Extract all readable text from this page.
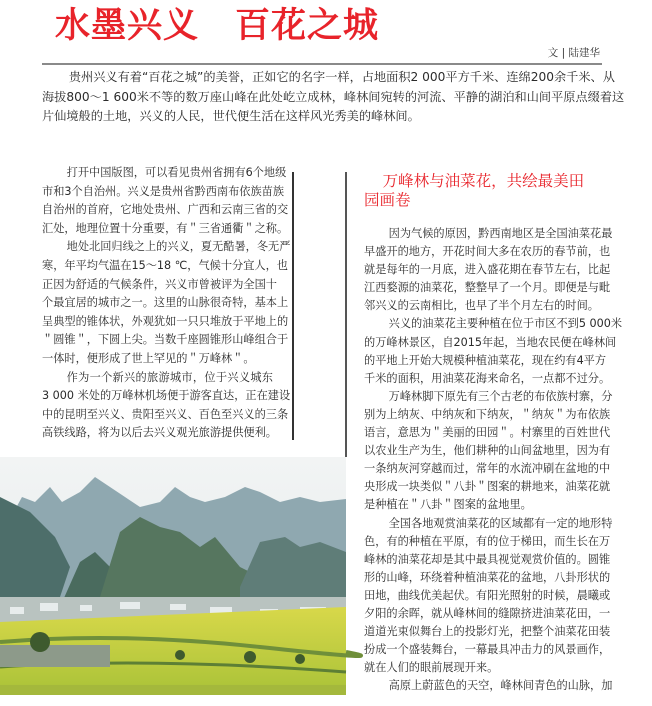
水墨兴义　百花之城
文 | 陆建华
贵州兴义有着“百花之城”的美誉，正如它的名字一样，占地面积2 000平方千米、连绵200余千米、从
海拔800～1 600米不等的数万座山峰在此处屹立成林，峰林间宛转的河流、平静的湖泊和山间平原点缀着这
片仙境般的土地，兴义的人民，世代便生活在这样风光秀美的峰林间。
打开中国版图，可以看见贵州省拥有6个地级
市和3个自治州。兴义是贵州省黔西南布依族苗族
自治州的首府，它地处贵州、广西和云南三省的交
汇处，地理位置十分重要，有＂三省通衢＂之称。
地处北回归线之上的兴义，夏无酷暑，冬无严
寒，年平均气温在15～18 ℃，气候十分宜人，也
正因为舒适的气候条件，兴义市曾被评为全国十
个最宜居的城市之一。这里的山脉很奇特，基本上
呈典型的锥体状，外观犹如一只只堆放于平地上的
＂圆锥＂，下圆上尖。当数千座圆锥形山峰组合于
一体时，便形成了世上罕见的＂万峰林＂。
作为一个新兴的旅游城市，位于兴义城东
3 000 米处的万峰林机场便于游客直达，正在建设
中的昆明至兴义、贵阳至兴义、百色至兴义的三条
高铁线路，将为以后去兴义观光旅游提供便利。
万峰林与油菜花，共绘最美田园画卷
因为气候的原因，黔西南地区是全国油菜花最
早盛开的地方，开花时间大多在农历的春节前，也
就是每年的一月底，进入盛花期在春节左右，比起
江西婺源的油菜花，整整早了一个月。即便是与毗
邻兴义的云南相比，也早了半个月左右的时间。
兴义的油菜花主要种植在位于市区不到5 000米
的万峰林景区，自2015年起，当地农民便在峰林间
的平地上开始大规模种植油菜花，现在约有4平方
千米的面积，用油菜花海来命名，一点都不过分。
万峰林脚下原先有三个古老的布依族村寨，分
别为上纳灰、中纳灰和下纳灰，＂纳灰＂为布依族
语言，意思为＂美丽的田园＂。村寨里的百姓世代
以农业生产为生，他们耕种的山间盆地里，因为有
一条纳灰河穿越而过，常年的水流冲刷在盆地的中
央形成一块类似＂八卦＂图案的耕地来，油菜花就
是种植在＂八卦＂图案的盆地里。
全国各地观赏油菜花的区域都有一定的地形特
色，有的种植在平原，有的位于梯田，而生长在万
峰林的油菜花却是其中最具视觉观赏价值的。圆锥
形的山峰，环绕着种植油菜花的盆地，八卦形状的
田地，曲线优美起伏。有阳光照射的时候，晨曦或
夕阳的余晖，就从峰林间的缝隙挤进油菜花田，一
道道光束似舞台上的投影灯光，把整个油菜花田装
扮成一个盛装舞台，一幕最具冲击力的风景画作，
就在人们的眼前展现开来。
高原上蔚蓝色的天空，峰林间青色的山脉，加
